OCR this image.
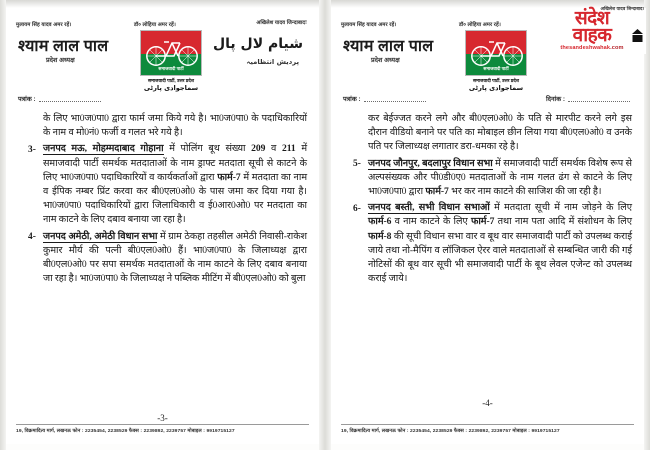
मुलायम सिंह यादव अमर रहें।	डॉ० लोहिया अमर रहें।	अखिलेश यादव जिन्दाबाद!
श्याम लाल पाल
प्रदेश अध्यक्ष
شیام لال پال
پردیش انتظامیہ
समाजवादी पार्टी
समाजवादी पार्टी, उत्तर प्रदेश
سماجوادی پارٹی
पत्रांक :
के लिए भा0ज0पा0 द्वारा फार्म जमा किये गये है। भा0ज0पा0 के पदाधिकारियों के नाम व मो0नं0 फर्जी व गलत भरे गये है।
3- जनपद मऊ, मोहम्मदाबाद गोहाना में पोलिंग बूथ संख्या 209 व 211 में समाजवादी पार्टी समर्थक मतदाताओं के नाम ड्राफ्ट मतदाता सूची से काटने के लिए भा0ज0पा0 पदाधिकारियों व कार्यकर्ताओं द्वारा फार्म-7 में मतदाता का नाम व ईपिक नम्बर प्रिंट करवा कर बी0एल0ओ0 के पास जमा कर दिया गया है। भा0ज0पा0 पदाधिकारियों द्वारा जिलाधिकारी व ई0आर0ओ0 पर मतदाता का नाम काटने के लिए दबाव बनाया जा रहा है।
4- जनपद अमेठी, अमेठी विधान सभा में ग्राम ठेकहा तहसील अमेठी निवासी-राकेश कुमार मौर्य की पत्नी बी0एल0ओ0 हैं। भा0ज0पा0 के जिलाध्यक्ष द्वारा बी0एल0ओ0 पर सपा समर्थक मतदाताओं के नाम काटने के लिए दबाव बनाया जा रहा है। भा0ज0पा0 के जिलाध्यक्ष ने पब्लिक मीटिंग में बी0एल0ओ0 को बुला
-3-
19, विक्रमादित्य मार्ग, लखनऊ फोन : 2235454, 2238529 फैक्स : 2239892, 2239757 मोबाइल : 9919715127
मुलायम सिंह यादव अमर रहें।	डॉ० लोहिया अमर रहें।
श्याम लाल पाल
प्रदेश अध्यक्ष
समाजवादी पार्टी
समाजवादी पार्टी, उत्तर प्रदेश
سماجوادی پارٹی
पत्रांक :	दिनांक :
कर बेईज्जत करने लगे और बी0एल0ओ0 के पति से मारपीट करने लगे इस दौरान वीडियो बनाने पर पति का मोबाइल छीन लिया गया बी0एल0ओ0 व उनके पति पर जिलाध्यक्ष लगातार डरा-धमका रहे है।
5- जनपद जौनपुर, बदलापुर विधान सभा में समाजवादी पार्टी समर्थक विशेष रूप से अल्पसंख्यक और पी0डी0ए0 मतदाताओं के नाम गलत ढंग से काटने के लिए भा0ज0पा0 द्वारा फार्म-7 भर कर नाम काटने की साजिश की जा रही है।
6- जनपद बस्ती, सभी विधान सभाओं में मतदाता सूची में नाम जोड़ने के लिए फार्म-6 व नाम काटने के लिए फार्म-7 तथा नाम पता आदि में संशोधन के लिए फार्म-8 की सूची विधान सभा वार व बूथ वार समाजवादी पार्टी को उपलब्ध कराई जाये तथा नो-मैपिंग व लॉजिकल ऐरर वाले मतदाताओं से सम्बन्धित जारी की गई नोटिसों की बूथ वार सूची भी समाजवादी पार्टी के बूथ लेवल एजेन्ट को उपलब्ध कराई जाये।
-4-
19, विक्रमादित्य मार्ग, लखनऊ फोन : 2235454, 2238529 फैक्स : 2239892, 2239757 मोबाइल : 9919715127
अखिलेश यादव जिन्दाबाद!
संदेश
वाहक
thesandeshwahak.com
